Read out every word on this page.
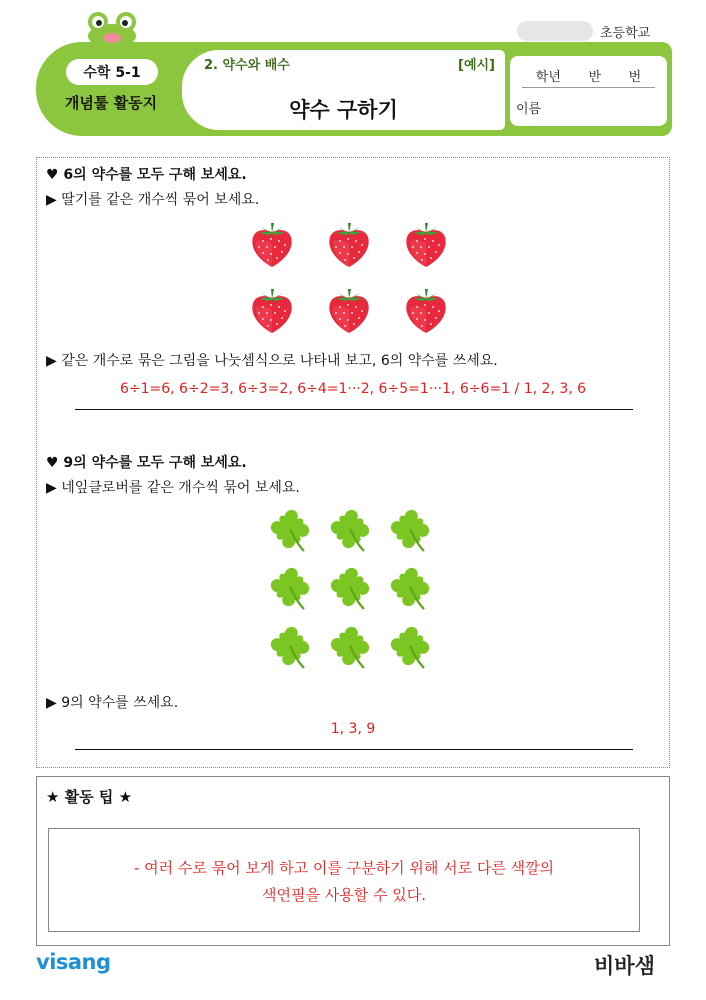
초등학교
수학 5-1
개념툴 활동지
2. 약수와 배수	[예시]
약수 구하기
학년 반 번
이름
♥ 6의 약수를 모두 구해 보세요.
▶ 딸기를 같은 개수씩 묶어 보세요.
▶ 같은 개수로 묶은 그림을 나눗셈식으로 나타내 보고, 6의 약수를 쓰세요.
6÷1=6, 6÷2=3, 6÷3=2, 6÷4=1···2, 6÷5=1···1, 6÷6=1 / 1, 2, 3, 6
♥ 9의 약수를 모두 구해 보세요.
▶ 네잎클로버를 같은 개수씩 묶어 보세요.
▶ 9의 약수를 쓰세요.
1, 3, 9
★ 활동 팁 ★
- 여러 수로 묶어 보게 하고 이를 구분하기 위해 서로 다른 색깔의
색연필을 사용할 수 있다.
visang	비바샘
